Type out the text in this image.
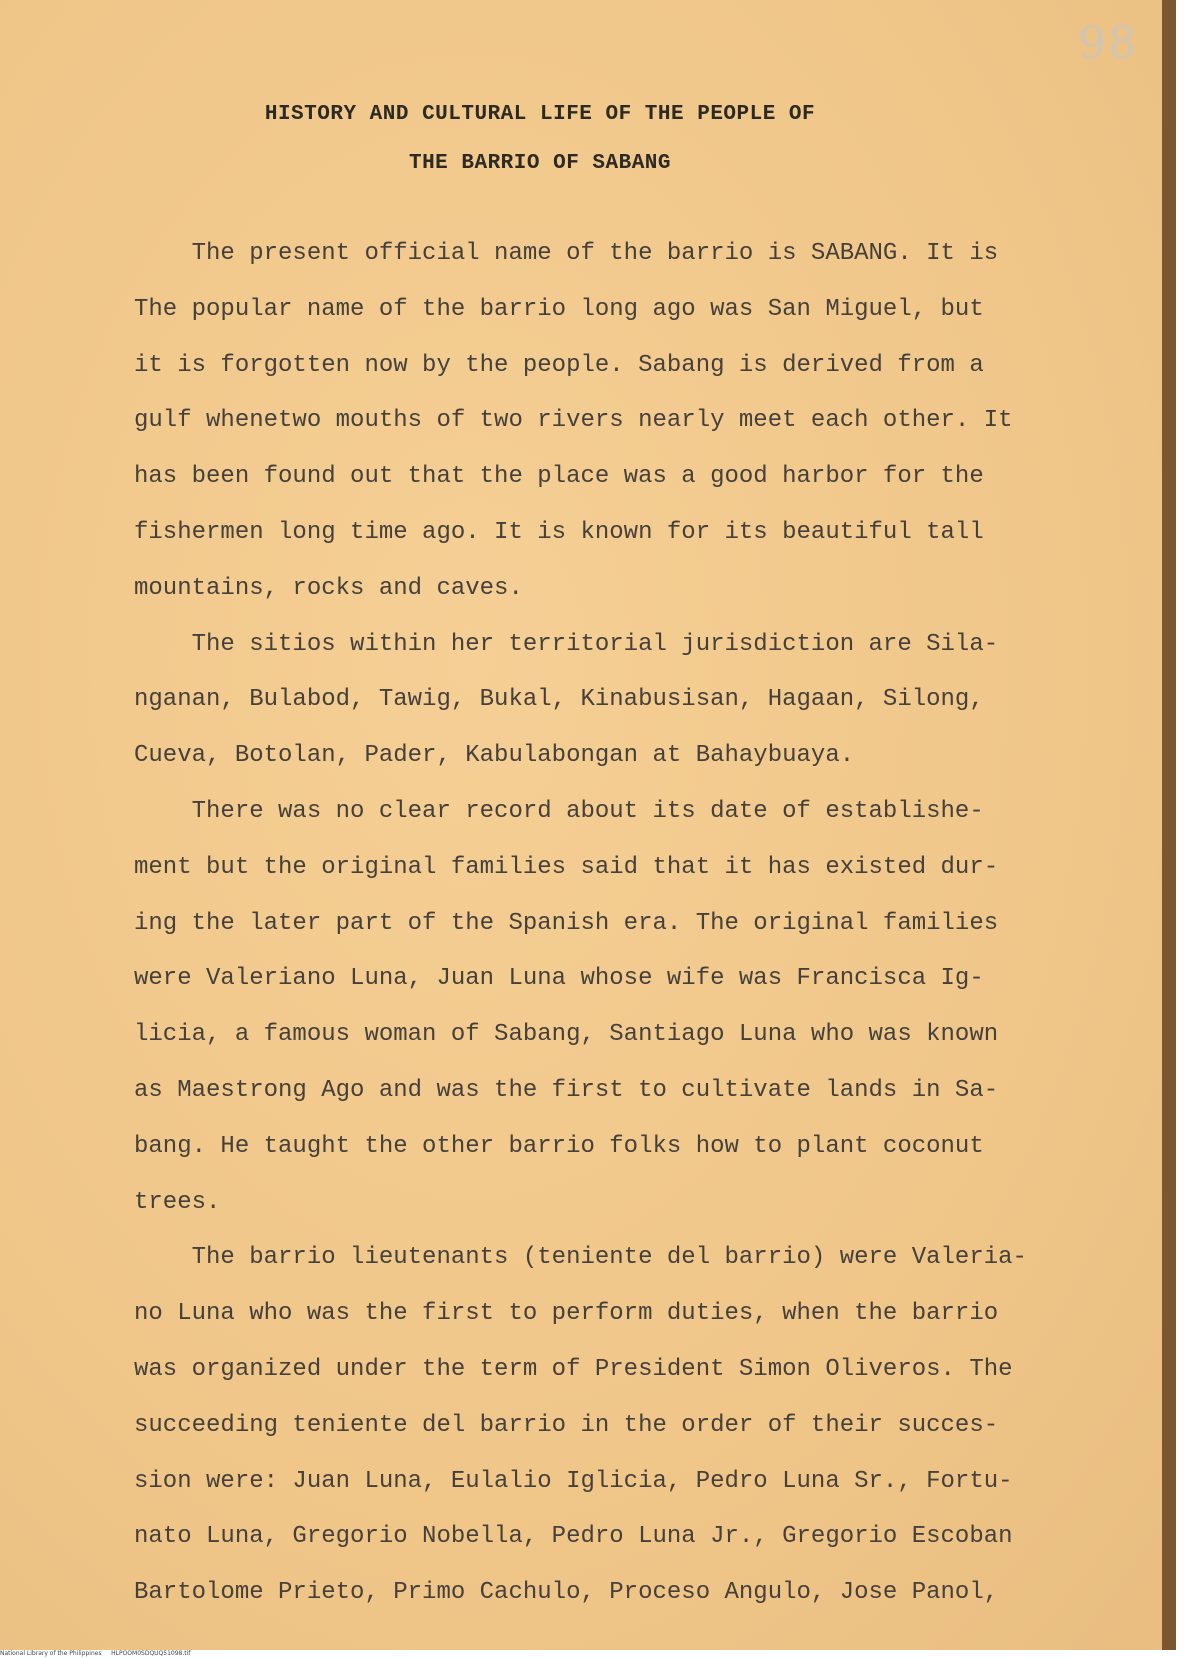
98
HISTORY AND CULTURAL LIFE OF THE PEOPLE OF
THE BARRIO OF SABANG
The present official name of the barrio is SABANG. It is
The popular name of the barrio long ago was San Miguel, but
it is forgotten now by the people. Sabang is derived from a
gulf whenetwo mouths of two rivers nearly meet each other. It
has been found out that the place was a good harbor for the
fishermen long time ago. It is known for its beautiful tall
mountains, rocks and caves.
The sitios within her territorial jurisdiction are Sila-
nganan, Bulabod, Tawig, Bukal, Kinabusisan, Hagaan, Silong,
Cueva, Botolan, Pader, Kabulabongan at Bahaybuaya.
There was no clear record about its date of establishe-
ment but the original families said that it has existed dur-
ing the later part of the Spanish era. The original families
were Valeriano Luna, Juan Luna whose wife was Francisca Ig-
licia, a famous woman of Sabang, Santiago Luna who was known
as Maestrong Ago and was the first to cultivate lands in Sa-
bang. He taught the other barrio folks how to plant coconut
trees.
The barrio lieutenants (teniente del barrio) were Valeria-
no Luna who was the first to perform duties, when the barrio
was organized under the term of President Simon Oliveros. The
succeeding teniente del barrio in the order of their succes-
sion were: Juan Luna, Eulalio Iglicia, Pedro Luna Sr., Fortu-
nato Luna, Gregorio Nobella, Pedro Luna Jr., Gregorio Escoban
Bartolome Prieto, Primo Cachulo, Proceso Angulo, Jose Panol,
National Library of the Philippines     HLPOOM0SDQUQ51098.tif
